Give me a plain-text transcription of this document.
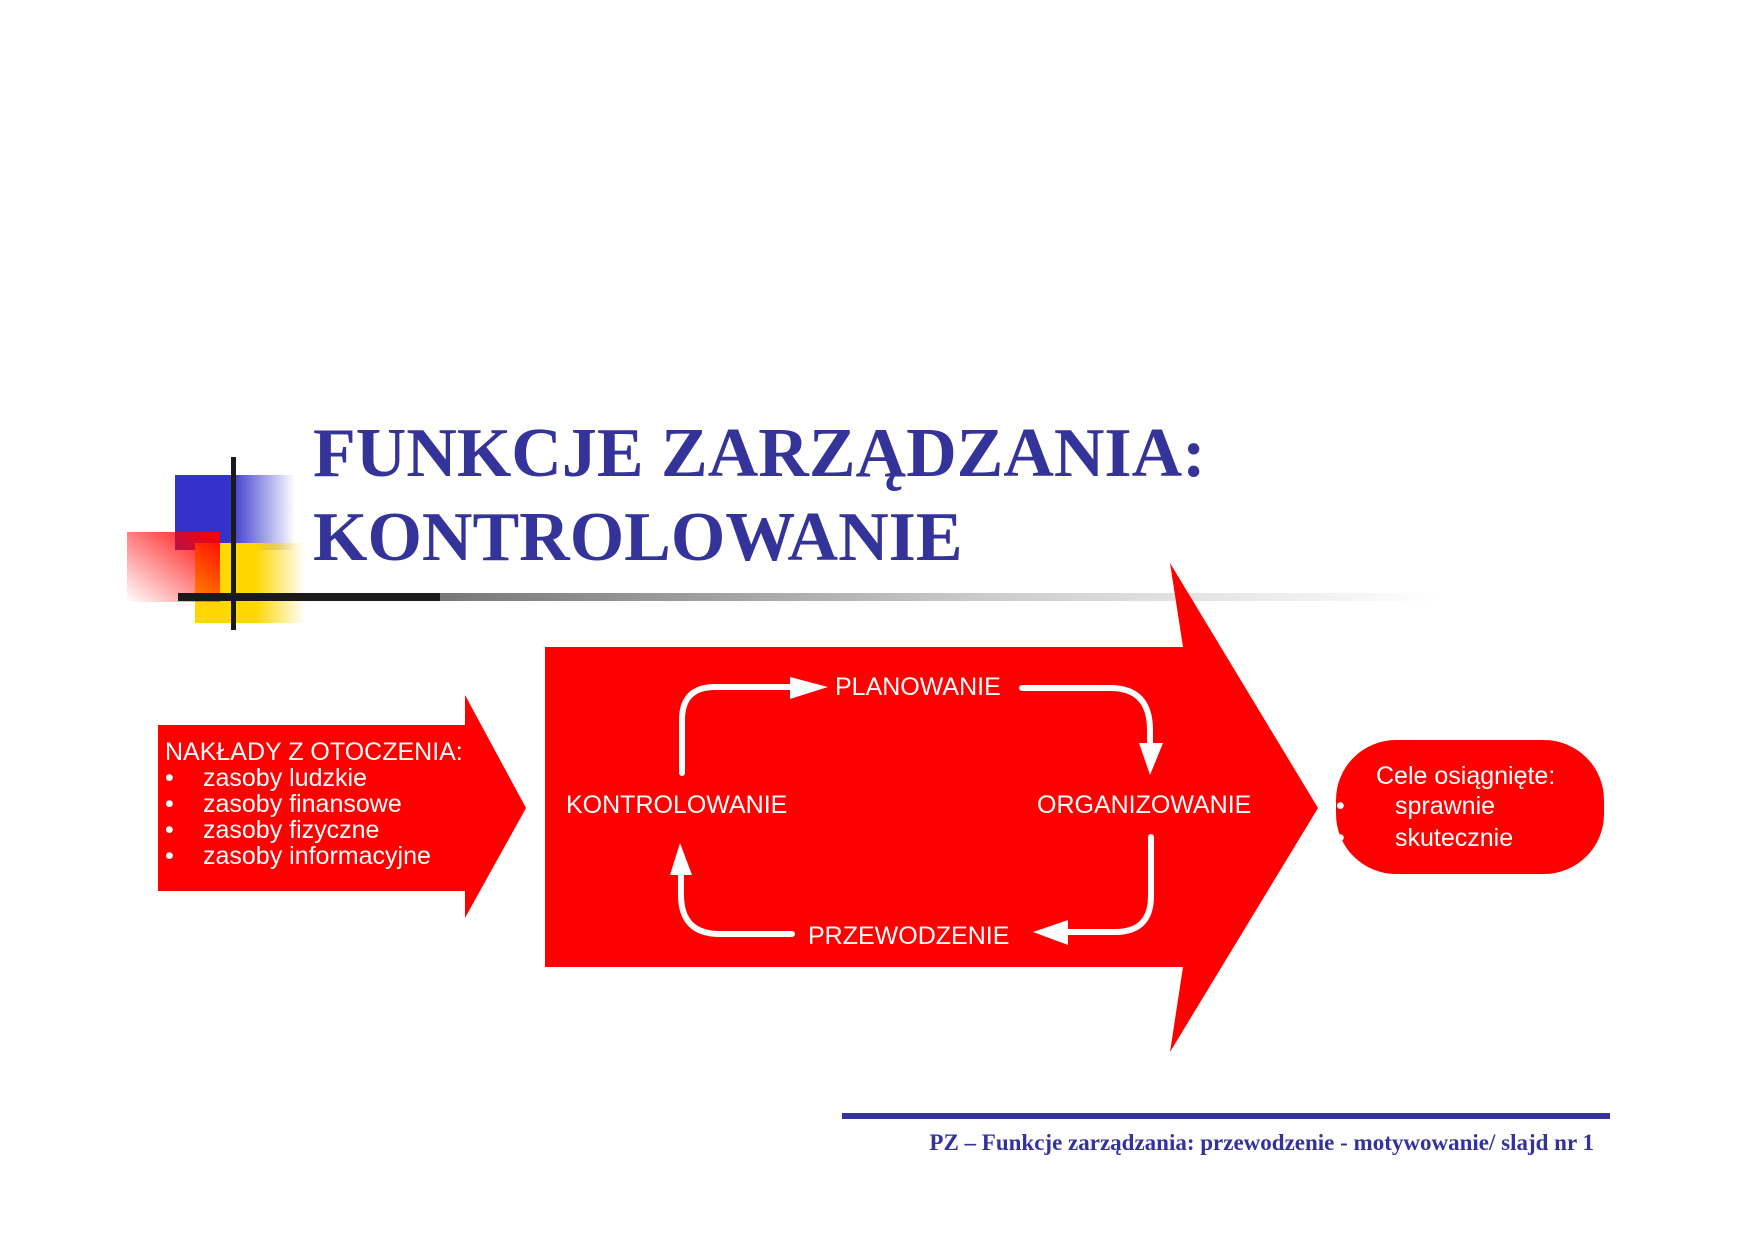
FUNKCJE ZARZĄDZANIA:
KONTROLOWANIE
NAKŁADY Z OTOCZENIA:
• zasoby ludzkie
• zasoby finansowe
• zasoby fizyczne
• zasoby informacyjne
PLANOWANIE
ORGANIZOWANIE
PRZEWODZENIE
KONTROLOWANIE
Cele osiągnięte:
• sprawnie
• skutecznie
PZ – Funkcje zarządzania: przewodzenie - motywowanie/ slajd nr 1
